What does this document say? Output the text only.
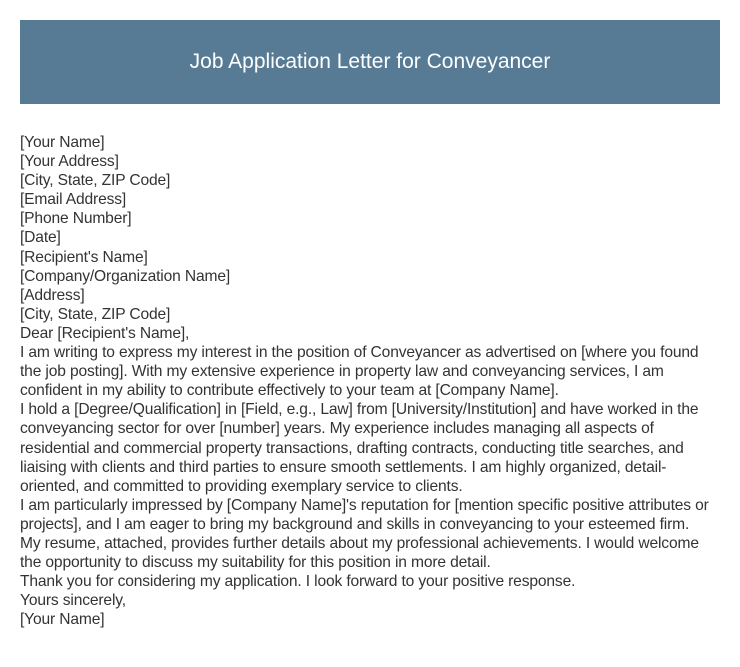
Job Application Letter for Conveyancer
[Your Name]
[Your Address]
[City, State, ZIP Code]
[Email Address]
[Phone Number]
[Date]
[Recipient's Name]
[Company/Organization Name]
[Address]
[City, State, ZIP Code]
Dear [Recipient's Name],
I am writing to express my interest in the position of Conveyancer as advertised on [where you found the job posting]. With my extensive experience in property law and conveyancing services, I am confident in my ability to contribute effectively to your team at [Company Name].
I hold a [Degree/Qualification] in [Field, e.g., Law] from [University/Institution] and have worked in the conveyancing sector for over [number] years. My experience includes managing all aspects of residential and commercial property transactions, drafting contracts, conducting title searches, and liaising with clients and third parties to ensure smooth settlements. I am highly organized, detail-oriented, and committed to providing exemplary service to clients.
I am particularly impressed by [Company Name]'s reputation for [mention specific positive attributes or projects], and I am eager to bring my background and skills in conveyancing to your esteemed firm.
My resume, attached, provides further details about my professional achievements. I would welcome the opportunity to discuss my suitability for this position in more detail.
Thank you for considering my application. I look forward to your positive response.
Yours sincerely,
[Your Name]
